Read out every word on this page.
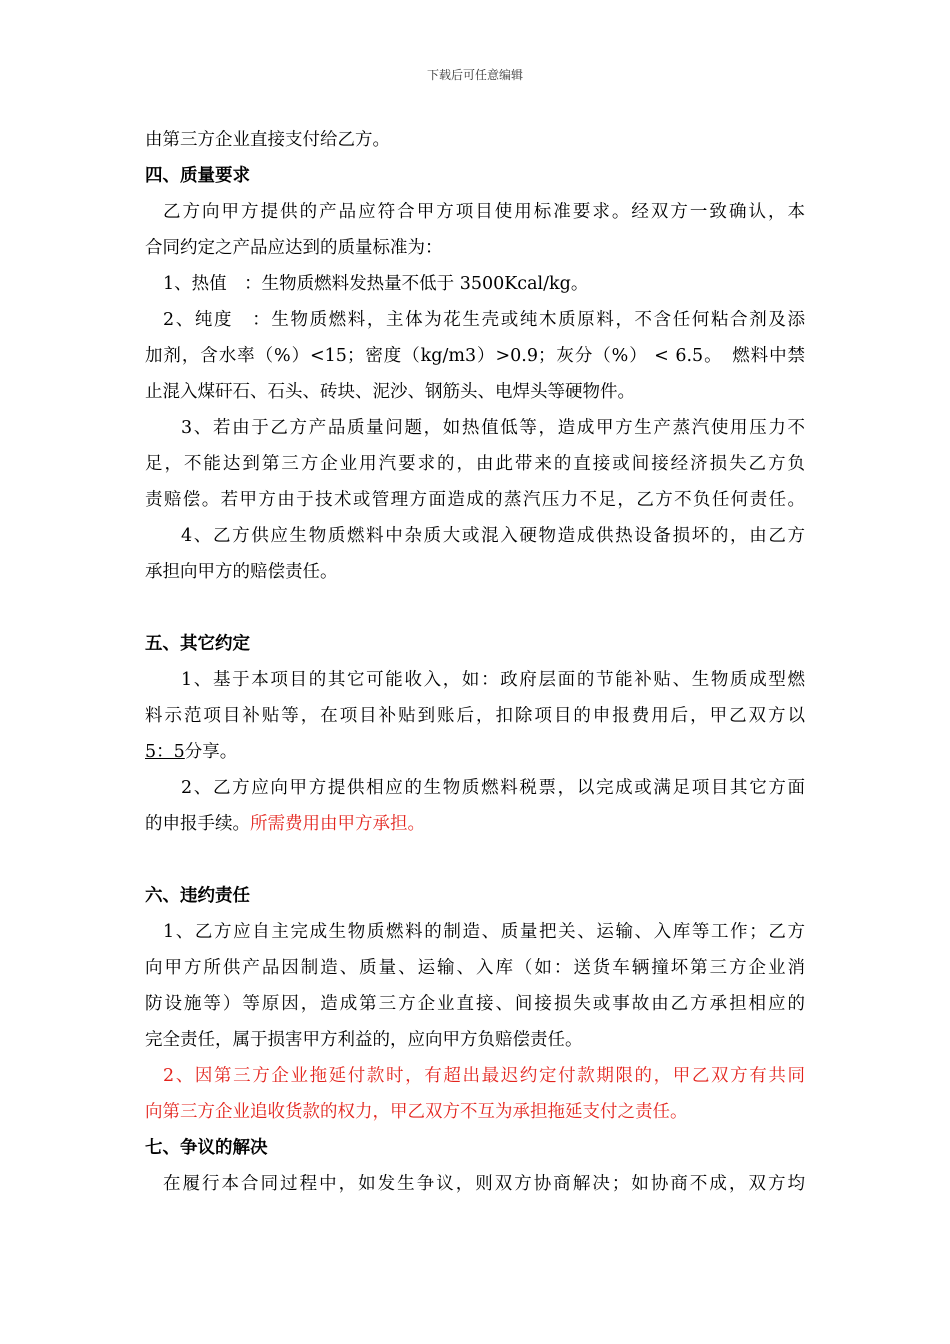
下载后可任意编辑
由第三方企业直接支付给乙方。
四、质量要求
乙方向甲方提供的产品应符合甲方项目使用标准要求。经双方一致确认，本
合同约定之产品应达到的质量标准为：
1、热值　：生物质燃料发热量不低于 3500Kcal/kg。
2、纯度　：生物质燃料，主体为花生壳或纯木质原料，不含任何粘合剂及添
加剂，含水率（%）<15；密度（kg/m3）>0.9；灰分（%） < 6.5。　燃料中禁
止混入煤矸石、石头、砖块、泥沙、钢筋头、电焊头等硬物件。
3、若由于乙方产品质量问题，如热值低等，造成甲方生产蒸汽使用压力不
足，不能达到第三方企业用汽要求的，由此带来的直接或间接经济损失乙方负
责赔偿。若甲方由于技术或管理方面造成的蒸汽压力不足，乙方不负任何责任。
4、乙方供应生物质燃料中杂质大或混入硬物造成供热设备损坏的，由乙方
承担向甲方的赔偿责任。
五、其它约定
1、基于本项目的其它可能收入，如：政府层面的节能补贴、生物质成型燃
料示范项目补贴等，在项目补贴到账后，扣除项目的申报费用后，甲乙双方以
5：5分享。
2、乙方应向甲方提供相应的生物质燃料税票，以完成或满足项目其它方面
的申报手续。所需费用由甲方承担。
六、违约责任
1、乙方应自主完成生物质燃料的制造、质量把关、运输、入库等工作；乙方
向甲方所供产品因制造、质量、运输、入库（如：送货车辆撞坏第三方企业消
防设施等）等原因，造成第三方企业直接、间接损失或事故由乙方承担相应的
完全责任，属于损害甲方利益的，应向甲方负赔偿责任。
2、因第三方企业拖延付款时，有超出最迟约定付款期限的，甲乙双方有共同
向第三方企业追收货款的权力，甲乙双方不互为承担拖延支付之责任。
七、争议的解决
在履行本合同过程中，如发生争议，则双方协商解决；如协商不成，双方均
